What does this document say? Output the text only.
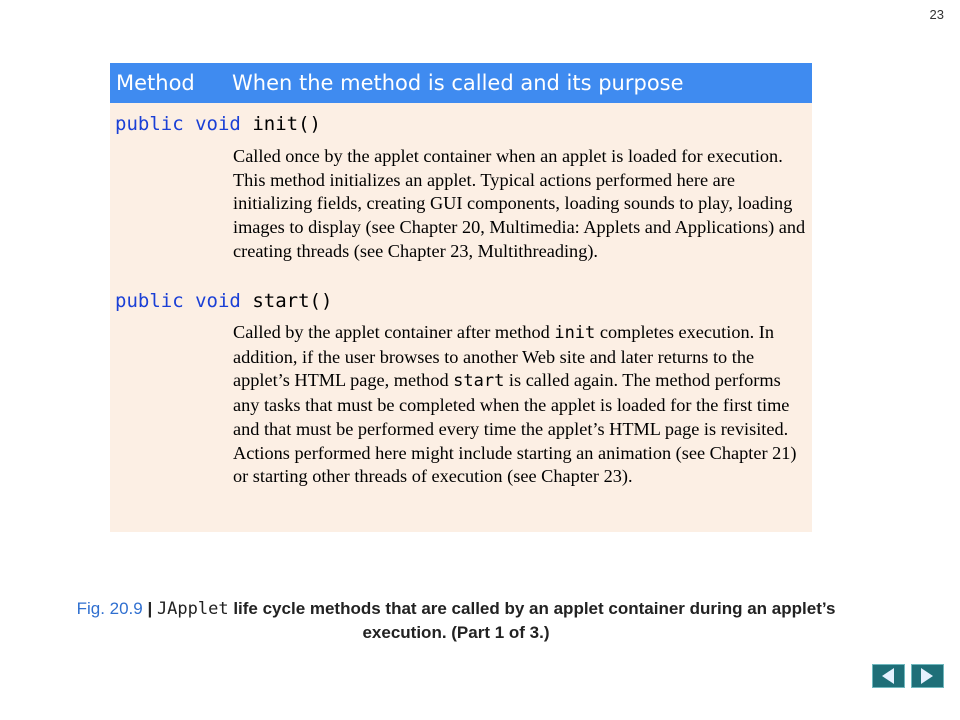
23
Method When the method is called and its purpose
public void init()
Called once by the applet container when an applet is loaded for execution. This method initializes an applet. Typical actions performed here are initializing fields, creating GUI components, loading sounds to play, loading images to display (see Chapter 20, Multimedia: Applets and Applications) and creating threads (see Chapter 23, Multithreading).
public void start()
Called by the applet container after method init completes execution. In addition, if the user browses to another Web site and later returns to the applet’s HTML page, method start is called again. The method performs any tasks that must be completed when the applet is loaded for the first time and that must be performed every time the applet’s HTML page is revisited. Actions performed here might include starting an animation (see Chapter 21) or starting other threads of execution (see Chapter 23).
Fig. 20.9 | JApplet life cycle methods that are called by an applet container during an applet’s execution. (Part 1 of 3.)
